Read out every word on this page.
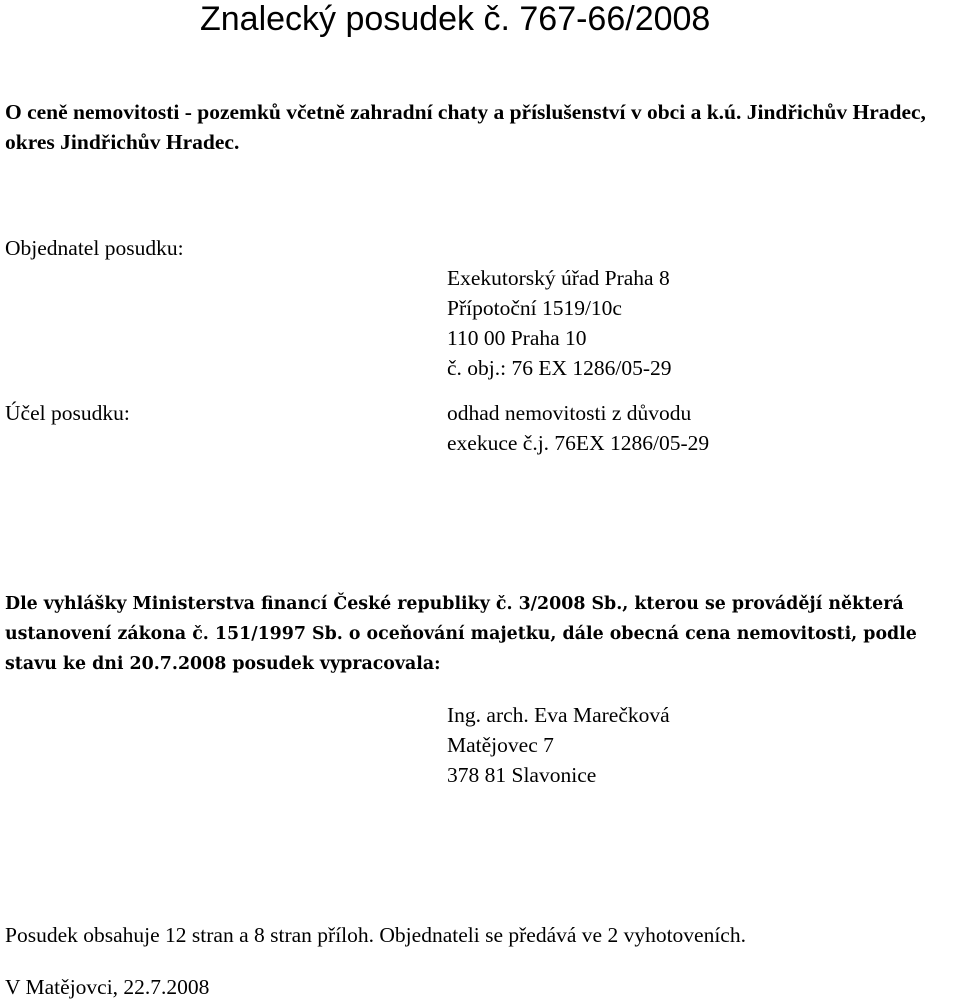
Znalecký posudek č. 767-66/2008
O ceně nemovitosti - pozemků včetně zahradní chaty a příslušenství v obci a k.ú. Jindřichův Hradec, okres Jindřichův Hradec.
Objednatel posudku:
Exekutorský úřad Praha 8
Přípotoční 1519/10c
110 00 Praha 10
č. obj.: 76 EX 1286/05-29
Účel posudku:	odhad nemovitosti z důvodu
exekuce č.j. 76EX 1286/05-29
Dle vyhlášky Ministerstva financí České republiky č. 3/2008 Sb., kterou se provádějí některá
ustanovení zákona č. 151/1997 Sb. o oceňování majetku, dále obecná cena nemovitosti, podle
stavu ke dni 20.7.2008 posudek vypracovala:
Ing. arch. Eva Marečková
Matějovec 7
378 81 Slavonice
Posudek obsahuje 12 stran a 8 stran příloh. Objednateli se předává ve 2 vyhotoveních.
V Matějovci, 22.7.2008
